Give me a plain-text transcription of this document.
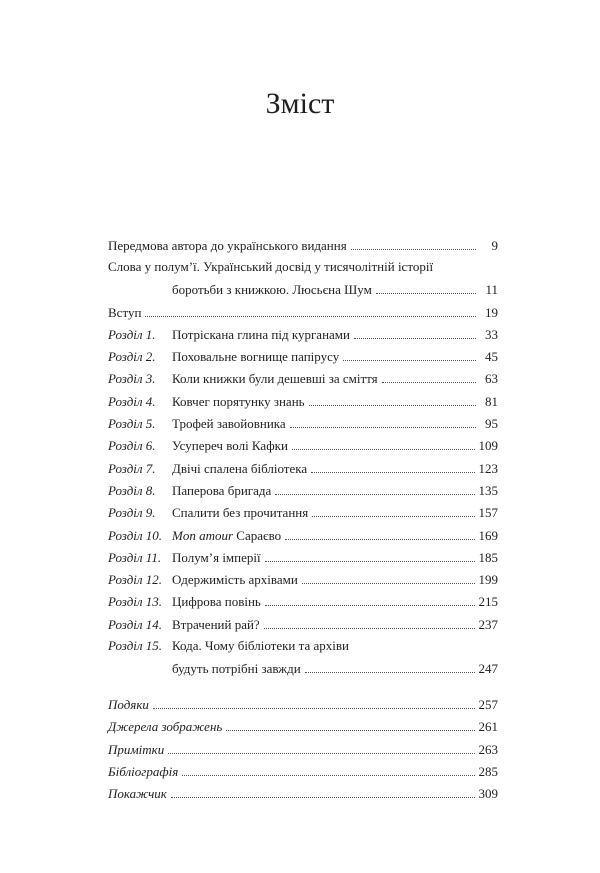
Зміст
Передмова автора до українського видання	9
Слова у полум’ї. Український досвід у тисячолітній історії
боротьби з книжкою. Люсьєна Шум	11
Вступ	19
Розділ 1.	Потріскана глина під курганами	33
Розділ 2.	Поховальне вогнище папірусу	45
Розділ 3.	Коли книжки були дешевші за сміття	63
Розділ 4.	Ковчег порятунку знань	81
Розділ 5.	Трофей завойовника	95
Розділ 6.	Усупереч волі Кафки	109
Розділ 7.	Двічі спалена бібліотека	123
Розділ 8.	Паперова бригада	135
Розділ 9.	Спалити без прочитання	157
Розділ 10. Mon amour Сараєво	169
Розділ 11. Полум’я імперії	185
Розділ 12. Одержимість архівами	199
Розділ 13. Цифрова повінь	215
Розділ 14. Втрачений рай?	237
Розділ 15. Кода. Чому бібліотеки та архіви
будуть потрібні завжди	247
Подяки	257
Джерела зображень	261
Примітки	263
Бібліографія	285
Покажчик	309
